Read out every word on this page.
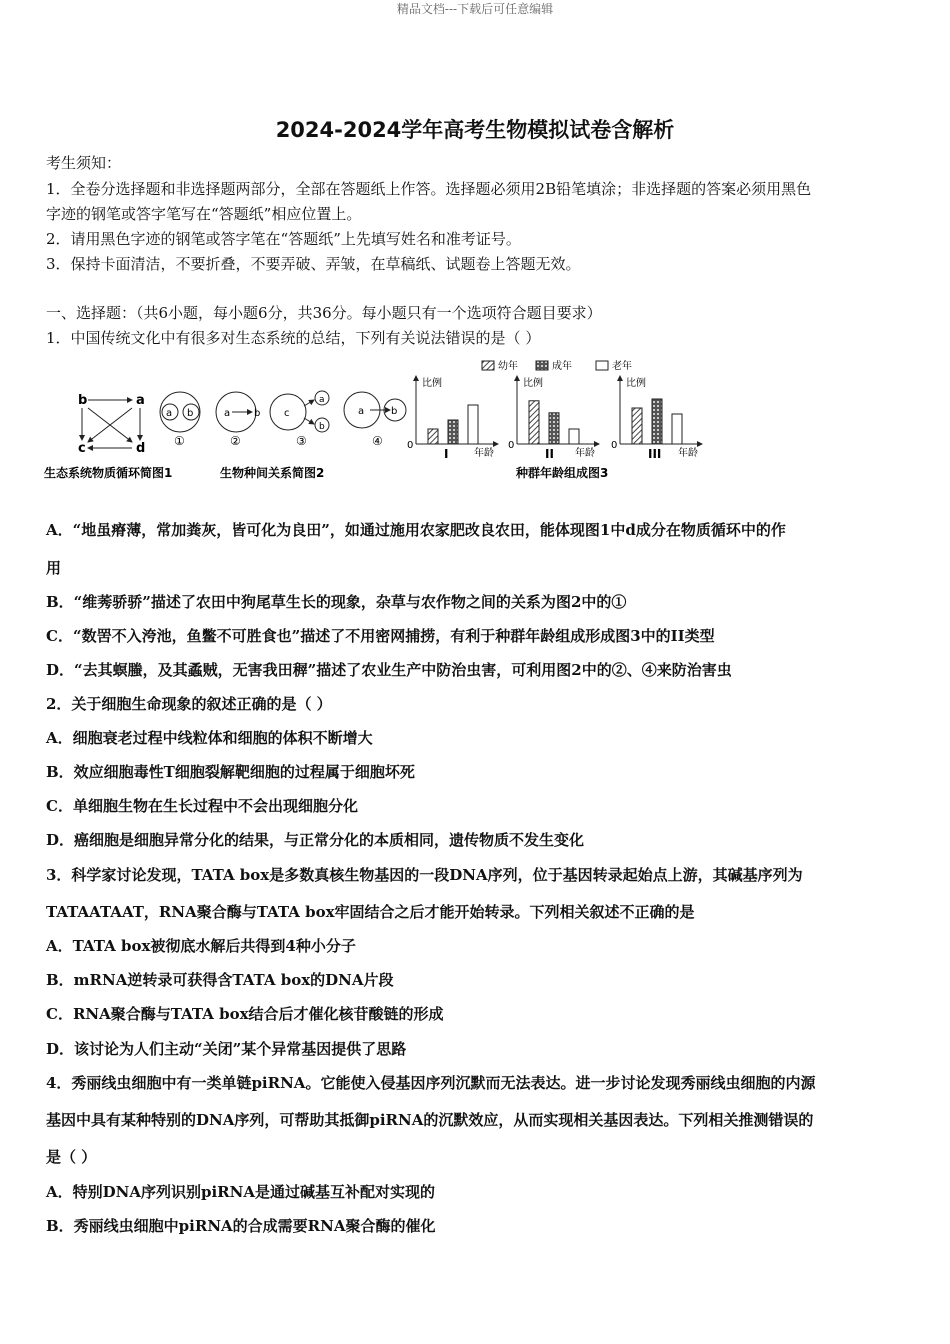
精品文档---下载后可任意编辑
2024-2024学年高考生物模拟试卷含解析
考生须知：
1．全卷分选择题和非选择题两部分，全部在答题纸上作答。选择题必须用2B铅笔填涂；非选择题的答案必须用黑色
字迹的钢笔或答字笔写在“答题纸”相应位置上。
2．请用黑色字迹的钢笔或答字笔在“答题纸”上先填写姓名和准考证号。
3．保持卡面清洁，不要折叠，不要弄破、弄皱，在草稿纸、试题卷上答题无效。
一、选择题：（共6小题，每小题6分，共36分。每小题只有一个选项符合题目要求）
1．中国传统文化中有很多对生态系统的总结，下列有关说法错误的是（ ）
b	a
c	d
生态系统物质循环简图1
a b
①
a b
②
c
a
b
③
a	b
④
生物种间关系简图2
幼年	成年	老年
比例
年龄
0
I
比例
年龄
0
II
比例
年龄
0
III
种群年龄组成图3
A．“地虽瘠薄，常加粪灰，皆可化为良田”，如通过施用农家肥改良农田，能体现图1中d成分在物质循环中的作
用
B．“维莠骄骄”描述了农田中狗尾草生长的现象，杂草与农作物之间的关系为图2中的①
C．“数罟不入洿池，鱼鳖不可胜食也”描述了不用密网捕捞，有利于种群年龄组成形成图3中的II类型
D．“去其螟螣，及其蟊贼，无害我田稺”描述了农业生产中防治虫害，可利用图2中的②、④来防治害虫
2．关于细胞生命现象的叙述正确的是（ ）
A．细胞衰老过程中线粒体和细胞的体积不断增大
B．效应细胞毒性T细胞裂解靶细胞的过程属于细胞坏死
C．单细胞生物在生长过程中不会出现细胞分化
D．癌细胞是细胞异常分化的结果，与正常分化的本质相同，遗传物质不发生变化
3．科学家讨论发现，TATA box是多数真核生物基因的一段DNA序列，位于基因转录起始点上游，其碱基序列为
TATAATAAT，RNA聚合酶与TATA box牢固结合之后才能开始转录。下列相关叙述不正确的是
A．TATA box被彻底水解后共得到4种小分子
B．mRNA逆转录可获得含TATA box的DNA片段
C．RNA聚合酶与TATA box结合后才催化核苷酸链的形成
D．该讨论为人们主动“关闭”某个异常基因提供了思路
4．秀丽线虫细胞中有一类单链piRNA。它能使入侵基因序列沉默而无法表达。进一步讨论发现秀丽线虫细胞的内源
基因中具有某种特别的DNA序列，可帮助其抵御piRNA的沉默效应，从而实现相关基因表达。下列相关推测错误的
是（ ）
A．特别DNA序列识别piRNA是通过碱基互补配对实现的
B．秀丽线虫细胞中piRNA的合成需要RNA聚合酶的催化
